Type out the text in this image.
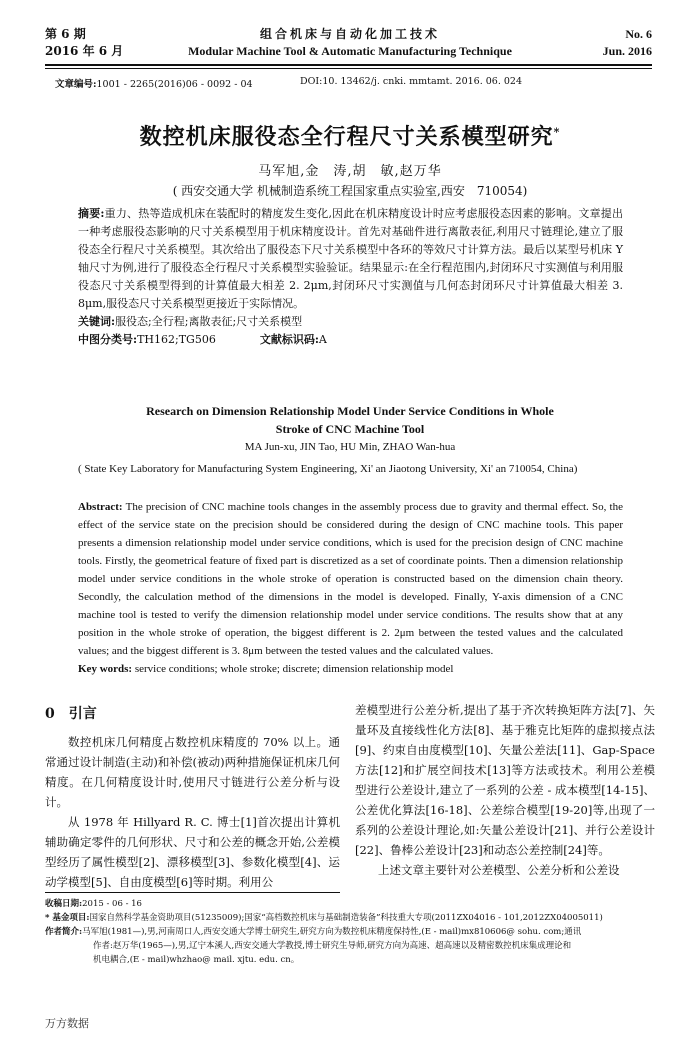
第 6 期
2016 年 6 月
组合机床与自动化加工技术
Modular Machine Tool & Automatic Manufacturing Technique
No. 6
Jun. 2016
文章编号:1001 - 2265(2016)06 - 0092 - 04	DOI:10. 13462/j. cnki. mmtamt. 2016. 06. 024
数控机床服役态全行程尺寸关系模型研究*
马军旭,金　涛,胡　敏,赵万华
( 西安交通大学 机械制造系统工程国家重点实验室,西安　710054)
摘要:重力、热等造成机床在装配时的精度发生变化,因此在机床精度设计时应考虑服役态因素的影响。文章提出一种考虑服役态影响的尺寸关系模型用于机床精度设计。首先对基础件进行离散表征,利用尺寸链理论,建立了服役态全行程尺寸关系模型。其次给出了服役态下尺寸关系模型中各环的等效尺寸计算方法。最后以某型号机床 Y 轴尺寸为例,进行了服役态全行程尺寸关系模型实验验证。结果显示:在全行程范围内,封闭环尺寸实测值与利用服役态尺寸关系模型得到的计算值最大相差 2. 2μm,封闭环尺寸实测值与几何态封闭环尺寸计算值最大相差 3. 8μm,服役态尺寸关系模型更接近于实际情况。
关键词:服役态;全行程;离散表征;尺寸关系模型
中图分类号:TH162;TG506	文献标识码:A
Research on Dimension Relationship Model Under Service Conditions in Whole Stroke of CNC Machine Tool
MA Jun-xu, JIN Tao, HU Min, ZHAO Wan-hua
( State Key Laboratory for Manufacturing System Engineering, Xi' an Jiaotong University, Xi' an 710054, China)
Abstract: The precision of CNC machine tools changes in the assembly process due to gravity and thermal effect. So, the effect of the service state on the precision should be considered during the design of CNC machine tools. This paper presents a dimension relationship model under service conditions, which is used for the precision design of CNC machine tools. Firstly, the geometrical feature of fixed part is discretized as a set of coordinate points. Then a dimension relationship model under service conditions in the whole stroke of operation is constructed based on the dimension chain theory. Secondly, the calculation method of the dimensions in the model is developed. Finally, Y-axis dimension of a CNC machine tool is tested to verify the dimension relationship model under service conditions. The results show that at any position in the whole stroke of operation, the biggest different is 2. 2μm between the tested values and the calculated values; and the biggest different is 3. 8μm between the tested values and the calculated values.
Key words: service conditions; whole stroke; discrete; dimension relationship model
0 引言

数控机床几何精度占数控机床精度的 70% 以上。通常通过设计制造(主动)和补偿(被动)两种措施保证机床几何精度。在几何精度设计时,使用尺寸链进行公差分析与设计。

从 1978 年 Hillyard R. C. 博士[1]首次提出计算机辅助确定零件的几何形状、尺寸和公差的概念开始,公差模型经历了属性模型[2]、漂移模型[3]、参数化模型[4]、运动学模型[5]、自由度模型[6]等时期。利用公

差模型进行公差分析,提出了基于齐次转换矩阵方法[7]、矢量环及直接线性化方法[8]、基于雅克比矩阵的虚拟接点法[9]、约束自由度模型[10]、矢量公差法[11]、Gap-Space 方法[12]和扩展空间技术[13]等方法或技术。利用公差模型进行公差设计,建立了一系列的公差 - 成本模型[14-15]、公差优化算法[16-18]、公差综合模型[19-20]等,出现了一系列的公差设计理论,如:矢量公差设计[21]、并行公差设计[22]、鲁棒公差设计[23]和动态公差控制[24]等。

上述文章主要针对公差模型、公差分析和公差设

收稿日期:2015 - 06 - 16
* 基金项目:国家自然科学基金资助项目(51235009);国家“高档数控机床与基础制造装备”科技重大专项(2011ZX04016 - 101,2012ZX04005011)
作者简介:马军旭(1981—),男,河南周口人,西安交通大学博士研究生,研究方向为数控机床精度保持性,(E - mail)mx810606@ sohu. com;通讯
作者:赵万华(1965—),男,辽宁本溪人,西安交通大学教授,博士研究生导师,研究方向为高速、超高速以及精密数控机床集成理论和
机电耦合,(E - mail)whzhao@ mail. xjtu. edu. cn。
万方数据
